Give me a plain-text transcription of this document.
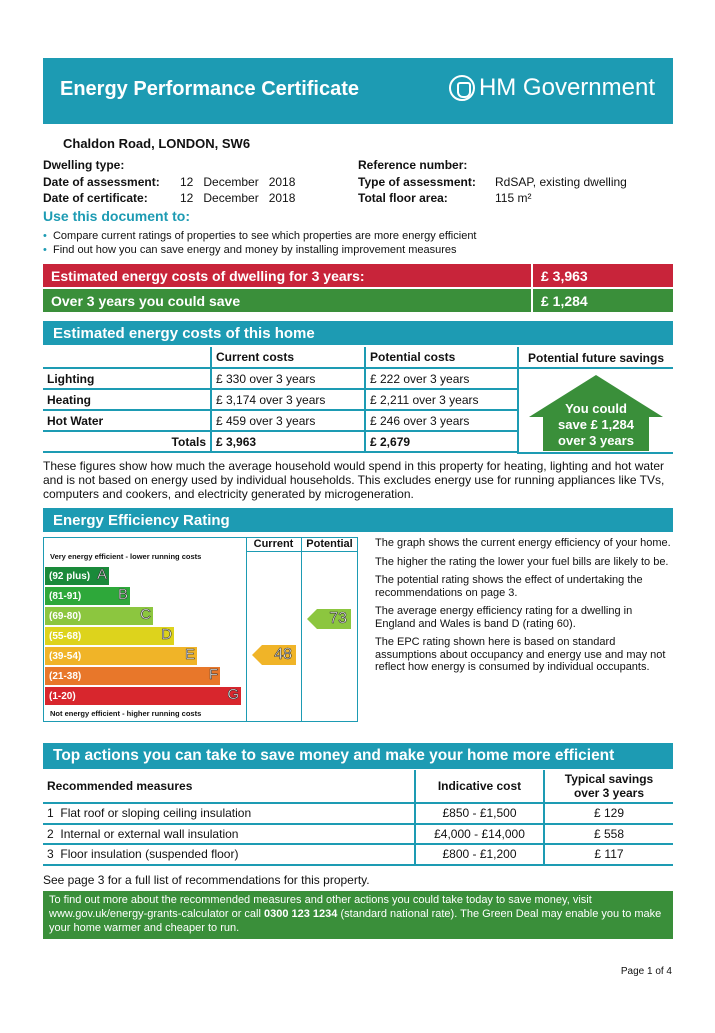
Energy Performance Certificate	HM Government
Chaldon Road, LONDON, SW6
Dwelling type:
Date of assessment: 12   December   2018
Date of certificate:	12   December   2018
Reference number:
Type of assessment: RdSAP, existing dwelling
Total floor area:	115 m²
Use this document to:
• Compare current ratings of properties to see which properties are more energy efficient
• Find out how you can save energy and money by installing improvement measures
Estimated energy costs of dwelling for 3 years:	£ 3,963
Over 3 years you could save	£ 1,284
Estimated energy costs of this home
	Current costs	Potential costs
Lighting	£ 330 over 3 years	£ 222 over 3 years
Heating	£ 3,174 over 3 years	£ 2,211 over 3 years
Hot Water	£ 459 over 3 years	£ 246 over 3 years
Totals	£ 3,963	£ 2,679
Potential future savings
You could
save £ 1,284
over 3 years
These figures show how much the average household would spend in this property for heating, lighting and hot water and is not based on energy used by individual households. This excludes energy use for running appliances like TVs, computers and cookers, and electricity generated by microgeneration.
Energy Efficiency Rating
Current	Potential
Very energy efficient - lower running costs
Not energy efficient - higher running costs
(92 plus) A
(81-91) B
(69-80)	C
(55-68)	D
(39-54)	E
(21-38)	F
(1-20)	G
48
73
The graph shows the current energy efficiency of your home.
The higher the rating the lower your fuel bills are likely to be.
The potential rating shows the effect of undertaking the recommendations on page 3.
The average energy efficiency rating for a dwelling in England and Wales is band D (rating 60).
The EPC rating shown here is based on standard assumptions about occupancy and energy use and may not reflect how energy is consumed by individual occupants.
Top actions you can take to save money and make your home more efficient
Recommended measures	Indicative cost	Typical savings
over 3 years

1 Flat roof or sloping ceiling insulation	£850 - £1,500	£ 129
2 Internal or external wall insulation	£4,000 - £14,000	£ 558
3 Floor insulation (suspended floor)	£800 - £1,200	£ 117
See page 3 for a full list of recommendations for this property.
To find out more about the recommended measures and other actions you could take today to save money, visit www.gov.uk/energy-grants-calculator or call 0300 123 1234 (standard national rate). The Green Deal may enable you to make your home warmer and cheaper to run.
Page 1 of 4
